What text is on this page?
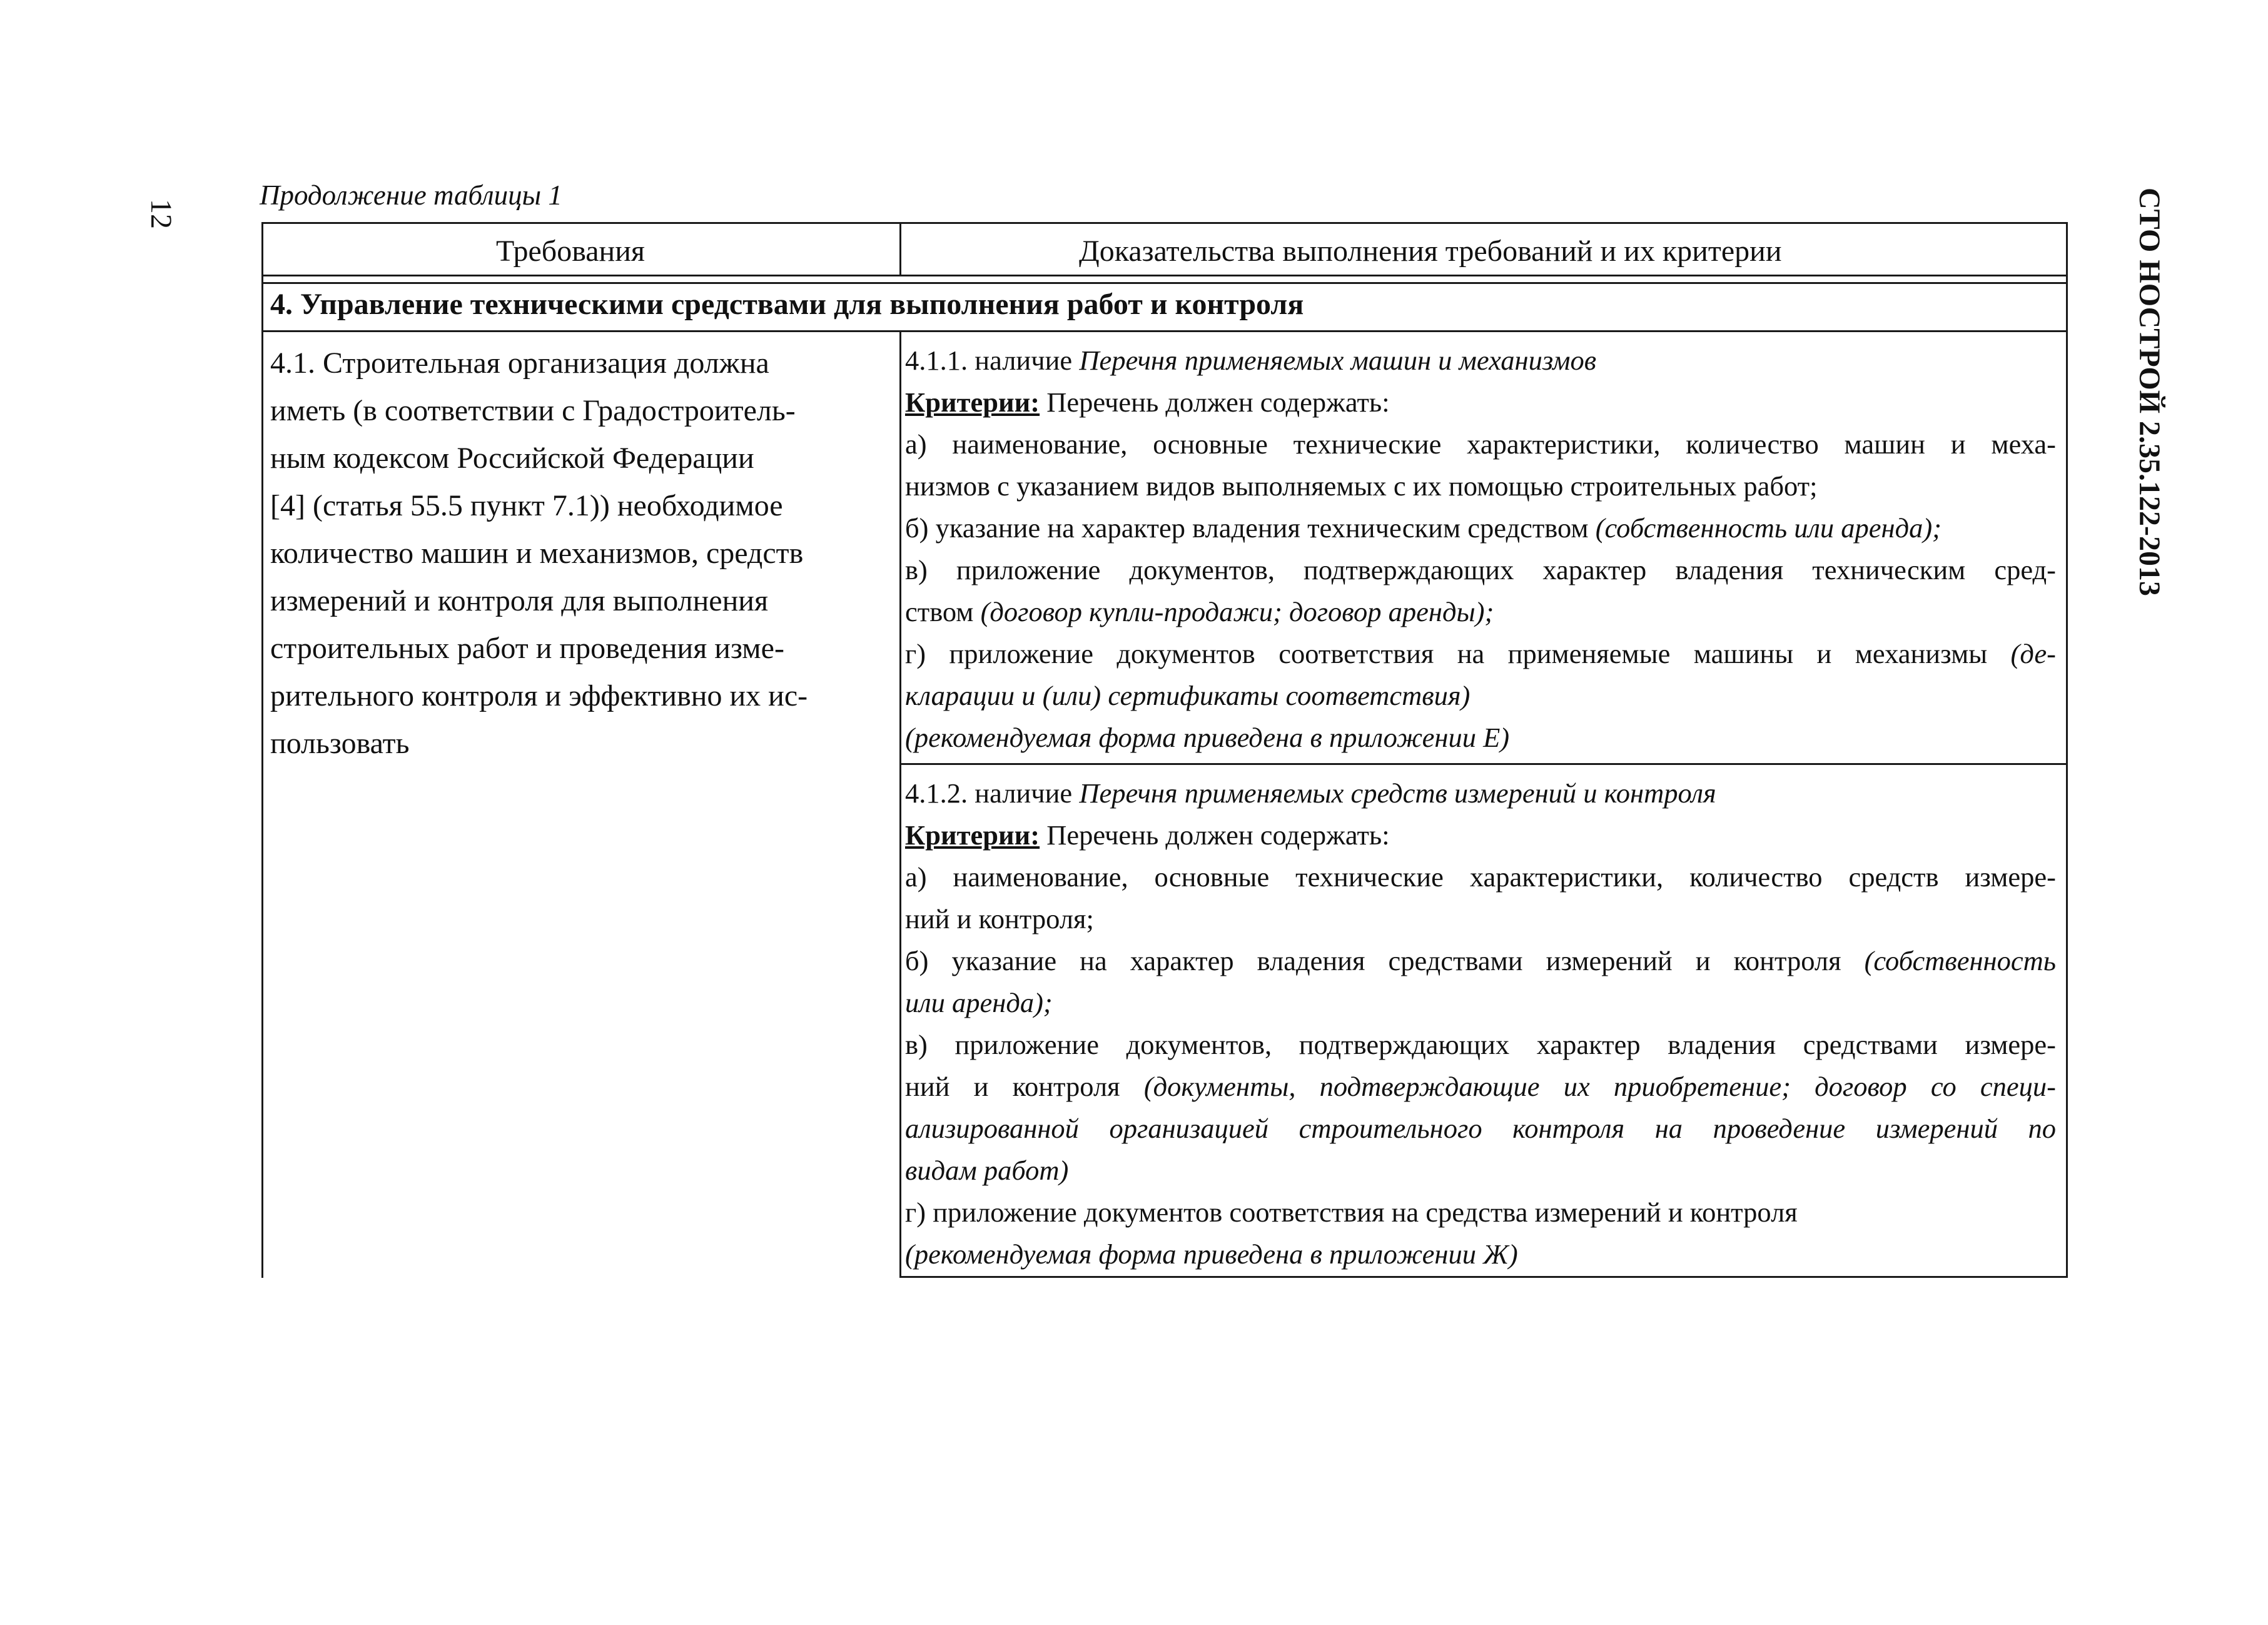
12	СТО НОСТРОЙ 2.35.122-2013
Продолжение таблицы 1
Требования	Доказательства выполнения требований и их критерии
4. Управление техническими средствами для выполнения работ и контроля
4.1. Строительная организация должна
иметь (в соответствии с Градостроитель-
ным кодексом Российской Федерации
[4] (статья 55.5 пункт 7.1)) необходимое
количество машин и механизмов, средств
измерений и контроля для выполнения
строительных работ и проведения изме-
рительного контроля и эффективно их ис-
пользовать
4.1.1. наличие Перечня применяемых машин и механизмов
Критерии: Перечень должен содержать:
а) наименование, основные технические характеристики, количество машин и меха-
низмов с указанием видов выполняемых с их помощью строительных работ;
б) указание на характер владения техническим средством (собственность или аренда);
в) приложение документов, подтверждающих характер владения техническим сред-
ством (договор купли-продажи; договор аренды);
г) приложение документов соответствия на применяемые машины и механизмы (де-
кларации и (или) сертификаты соответствия)
(рекомендуемая форма приведена в приложении Е)
4.1.2. наличие Перечня применяемых средств измерений и контроля
Критерии: Перечень должен содержать:
а) наименование, основные технические характеристики, количество средств измере-
ний и контроля;
б) указание на характер владения средствами измерений и контроля (собственность
или аренда);
в) приложение документов, подтверждающих характер владения средствами измере-
ний и контроля (документы, подтверждающие их приобретение; договор со специ-
ализированной организацией строительного контроля на проведение измерений по
видам работ)
г) приложение документов соответствия на средства измерений и контроля
(рекомендуемая форма приведена в приложении Ж)
